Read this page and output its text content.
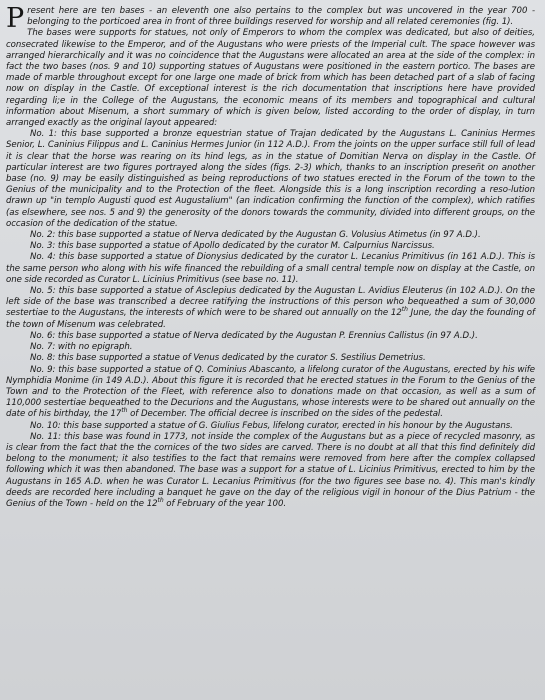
Present here are ten bases - an eleventh one also pertains to the complex but was uncovered in the year 700 - belonging to the porticoed area in front of three buildings reserved for worship and all related ceremonies (fig. 1).

The bases were supports for statues, not only of Emperors to whom the complex was dedicated, but also of deities, consecrated likewise to the Emperor, and of the Augustans who were priests of the Imperial cult. The space however was arranged hierarchically and it was no coincidence that the Augustans were allocated an area at the side of the complex: in fact the two bases (nos. 9 and 10) supporting statues of Augustans were positioned in the eastern portico. The bases are made of marble throughout except for one large one made of brick from which has been detached part of a slab of facing now on display in the Castle. Of exceptional interest is the rich documentation that inscriptions here have provided regarding li;e in the College of the Augustans, the economic means of its members and topographical and cultural information about Misenum, a short summary of which is given below, listed according to the order of display, in turn arranged exactly as the original layout appeared:

No. 1: this base supported a bronze equestrian statue of Trajan dedicated by the Augustans L. Caninius Hermes Senior, L. Caninius Filippus and L. Caninius Hermes Junior (in 112 A.D.). From the joints on the upper surface still full of lead it is clear that the horse was rearing on its hind legs, as in the statue of Domitian Nerva on display in the Castle. Of particular interest are two figures portrayed along the sides (figs. 2-3) which, thanks to an inscription presen̈t on another base (no. 9) may be easily distinguished as being reproductions of two statues erected in the Forum of the town to the Genius of the municipality and to the Protection of the fleet. Alongside this is a long inscription recording a reso-lution drawn up "in templo Augusti quod est Augustalium" (an indication confirming the function of the complex), which ratifies (as elsewhere, see nos. 5 and 9) the generosity of the donors towards the community, divided into different groups, on the occasion of the dedication of the statue.

No. 2: this base supported a statue of Nerva dedicated by the Augustan G. Volusius Atimetus (in 97 A.D.).

No. 3: this base supported a statue of Apollo dedicated by the curator M. Calpurnius Narcissus.

No. 4: this base supported a statue of Dionysius dedicated by the curator L. Lecanius Primitivus (in 161 A.D.). This is the same person who along with his wife financed the rebuilding of a small central temple now on display at the Castle, on one side recorded as Curator L. Licinius Primitivus (see base no. 11).

No. 5: this base supported a statue of Asclepius dedicated by the Augustan L. Avidius Eleuterus (in 102 A.D.). On the left side of the base was transcribed a decree ratifying the instructions of this person who bequeathed a sum of 30,000 sestertiae to the Augustans, the interests of which were to be shared out annually on the 12th June, the day the founding of the town of Misenum was celebrated.

No. 6: this base supported a statue of Nerva dedicated by the Augustan P. Erennius Callistus (in 97 A.D.).

No. 7: with no epigraph.

No. 8: this base supported a statue of Venus dedicated by the curator S. Sestilius Demetrius.

No. 9: this base supported a statue of Q. Cominius Abascanto, a lifelong curator of the Augustans, erected by his wife Nymphidia Monime (in 149 A.D.). About this figure it is recorded that he erected statues in the Forum to the Genius of the Town and to the Protection of the Fleet, with reference also to donations made on that occasion, as well as a sum of 110,000 sestertiae bequeathed to the Decurions and the Augustans, whose interests were to be shared out annually on the date of his birthday, the 17th of December. The official decree is inscribed on the sides of the pedestal.

No. 10: this base supported a statue of G. Giulius Febus, lifelong curator, erected in his honour by the Augustans.

No. 11: this base was found in 1773, not inside the complex of the Augustans but as a piece of recycled masonry, as is clear from the fact that the the cornices of the two sides are carved. There is no doubt at all that this find definitely did belong to the monument; it also testifies to the fact that remains were removed from here after the complex collapsed following which it was then abandoned. The base was a support for a statue of L. Licinius Primitivus, erected to him by the Augustans in 165 A.D. when he was Curator L. Lecanius Primitivus (for the two figures see base no. 4). This man's kindly deeds are recorded here including a banquet he gave on the day of the religious vigil in honour of the Dius Patrium - the Genius of the Town - held on the 12th of February of the year 100.
